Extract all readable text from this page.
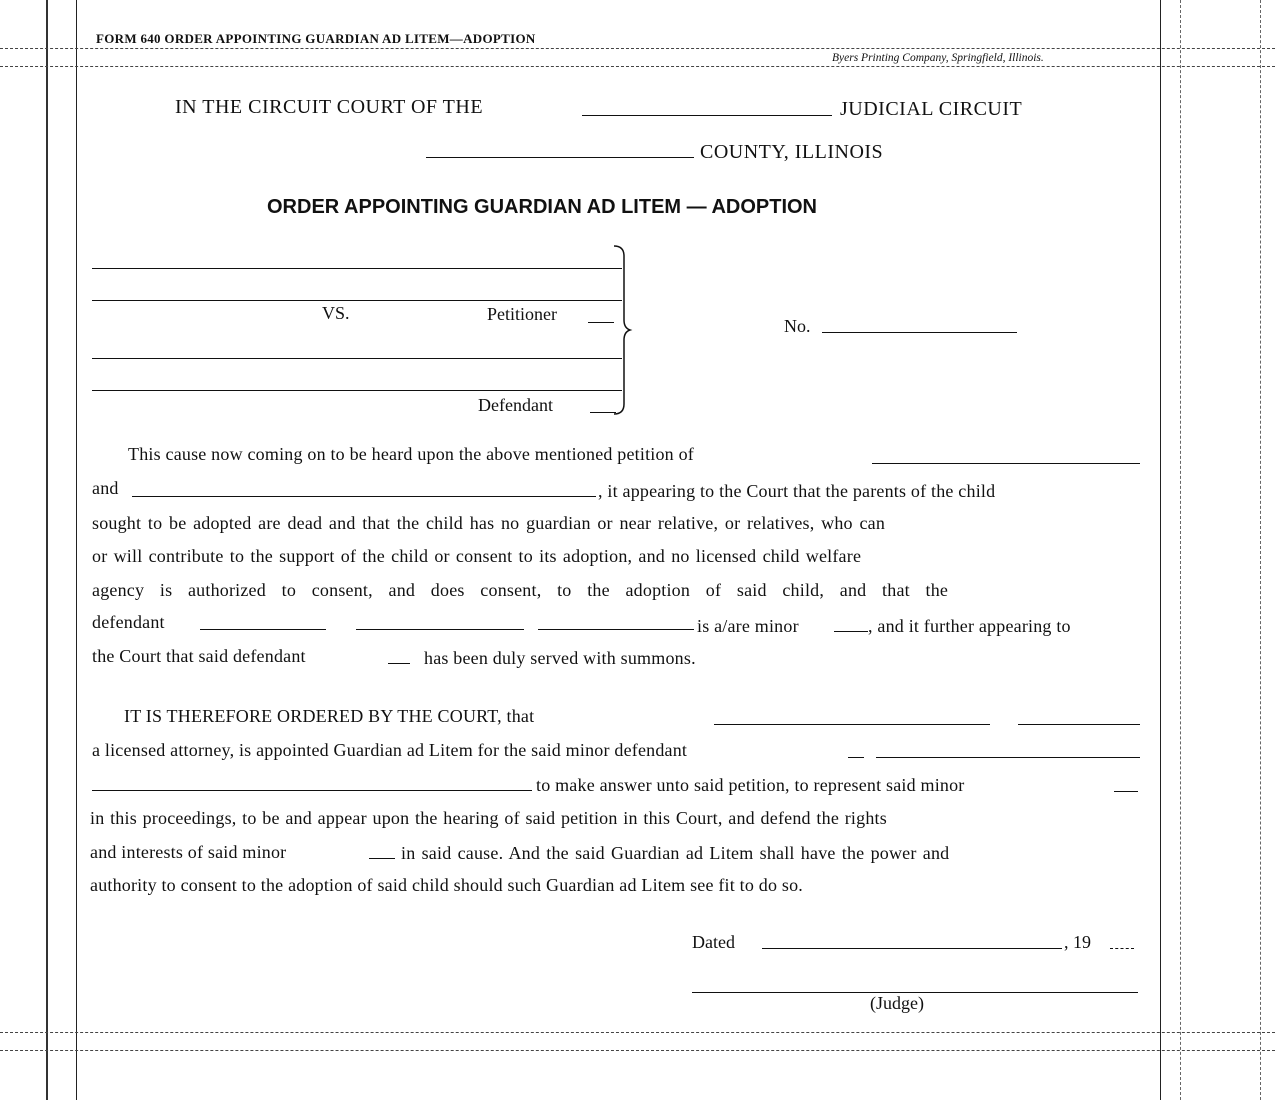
FORM 640 ORDER APPOINTING GUARDIAN AD LITEM—ADOPTION
Byers Printing Company, Springfield, Illinois.
IN THE CIRCUIT COURT OF THE	JUDICIAL CIRCUIT
COUNTY, ILLINOIS
ORDER APPOINTING GUARDIAN AD LITEM — ADOPTION
VS.	Petitioner
Defendant
No.
This cause now coming on to be heard upon the above mentioned petition of
and	, it appearing to the Court that the parents of the child
sought to be adopted are dead and that the child has no guardian or near relative, or relatives, who can
or will contribute to the support of the child or consent to its adoption, and no licensed child welfare
agency is authorized to consent, and does consent, to the adoption of said child, and that the
defendant	is a/are minor	, and it further appearing to
the Court that said defendant	has been duly served with summons.
IT IS THEREFORE ORDERED BY THE COURT, that
a licensed attorney, is appointed Guardian ad Litem for the said minor defendant
to make answer unto said petition, to represent said minor
in this proceedings, to be and appear upon the hearing of said petition in this Court, and defend the rights
and interests of said minor	in said cause. And the said Guardian ad Litem shall have the power and
authority to consent to the adoption of said child should such Guardian ad Litem see fit to do so.
Dated	, 19
(Judge)
